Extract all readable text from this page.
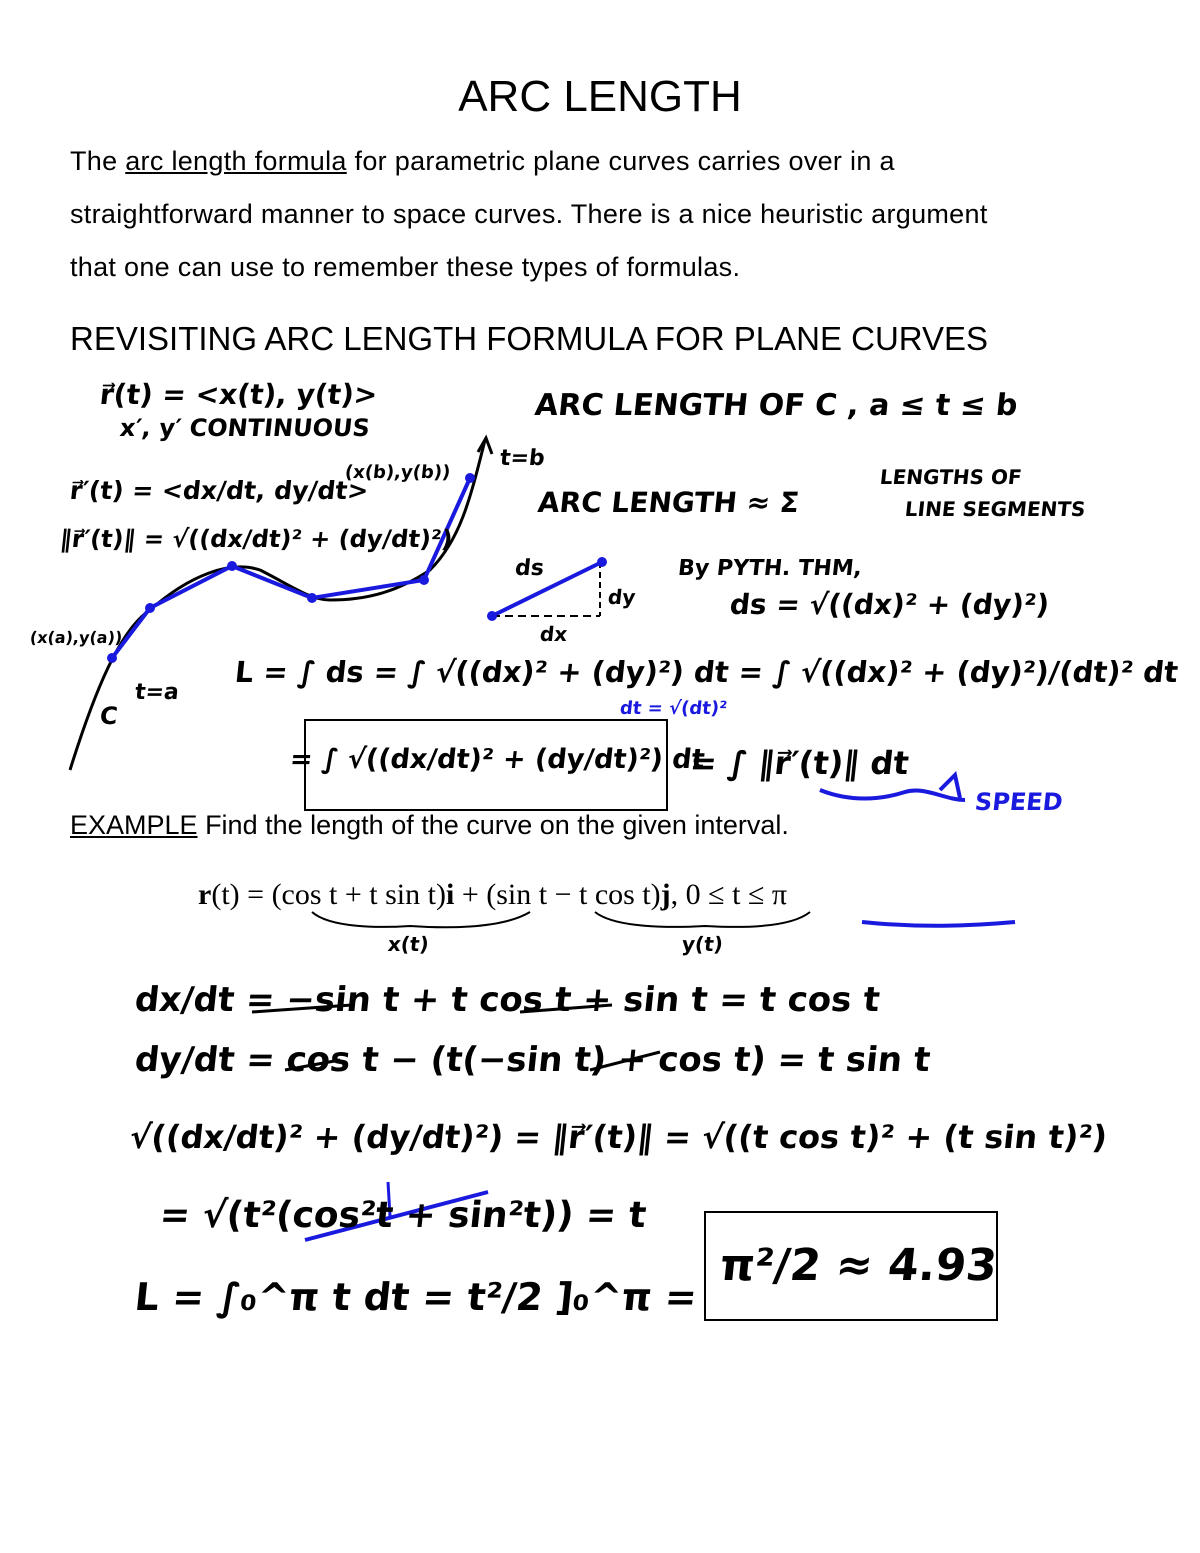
ARC LENGTH
The arc length formula for parametric plane curves carries over in a
straightforward manner to space curves. There is a nice heuristic argument
that one can use to remember these types of formulas.
REVISITING ARC LENGTH FORMULA FOR PLANE CURVES
r⃗(t) = <x(t), y(t)>
x′, y′ CONTINUOUS
r⃗′(t) = <dx/dt, dy/dt>
(x(b),y(b))
t=b
‖r⃗′(t)‖ = √((dx/dt)² + (dy/dt)²)
(x(a),y(a))
t=a
C
ARC LENGTH OF C , a ≤ t ≤ b
ARC LENGTH ≈ Σ
LENGTHS OF
LINE SEGMENTS
ds
dx
dy
By PYTH. THM,
ds = √((dx)² + (dy)²)
L = ∫ ds = ∫ √((dx)² + (dy)²) dt = ∫ √((dx)² + (dy)²)/(dt)² dt
dt = √(dt)²
= ∫ √((dx/dt)² + (dy/dt)²) dt
= ∫ ‖r⃗′(t)‖ dt
SPEED
EXAMPLE Find the length of the curve on the given interval.
r(t) = (cos t + t sin t)i + (sin t − t cos t)j, 0 ≤ t ≤ π
x(t)	y(t)
dx/dt = −sin t + t cos t + sin t = t cos t
dy/dt = cos t − (t(−sin t) + cos t) = t sin t
√((dx/dt)² + (dy/dt)²) = ‖r⃗′(t)‖ = √((t cos t)² + (t sin t)²)
= √(t²(cos²t + sin²t)) = t
L = ∫₀^π t dt = t²/2 ]₀^π =
π²/2 ≈ 4.93
